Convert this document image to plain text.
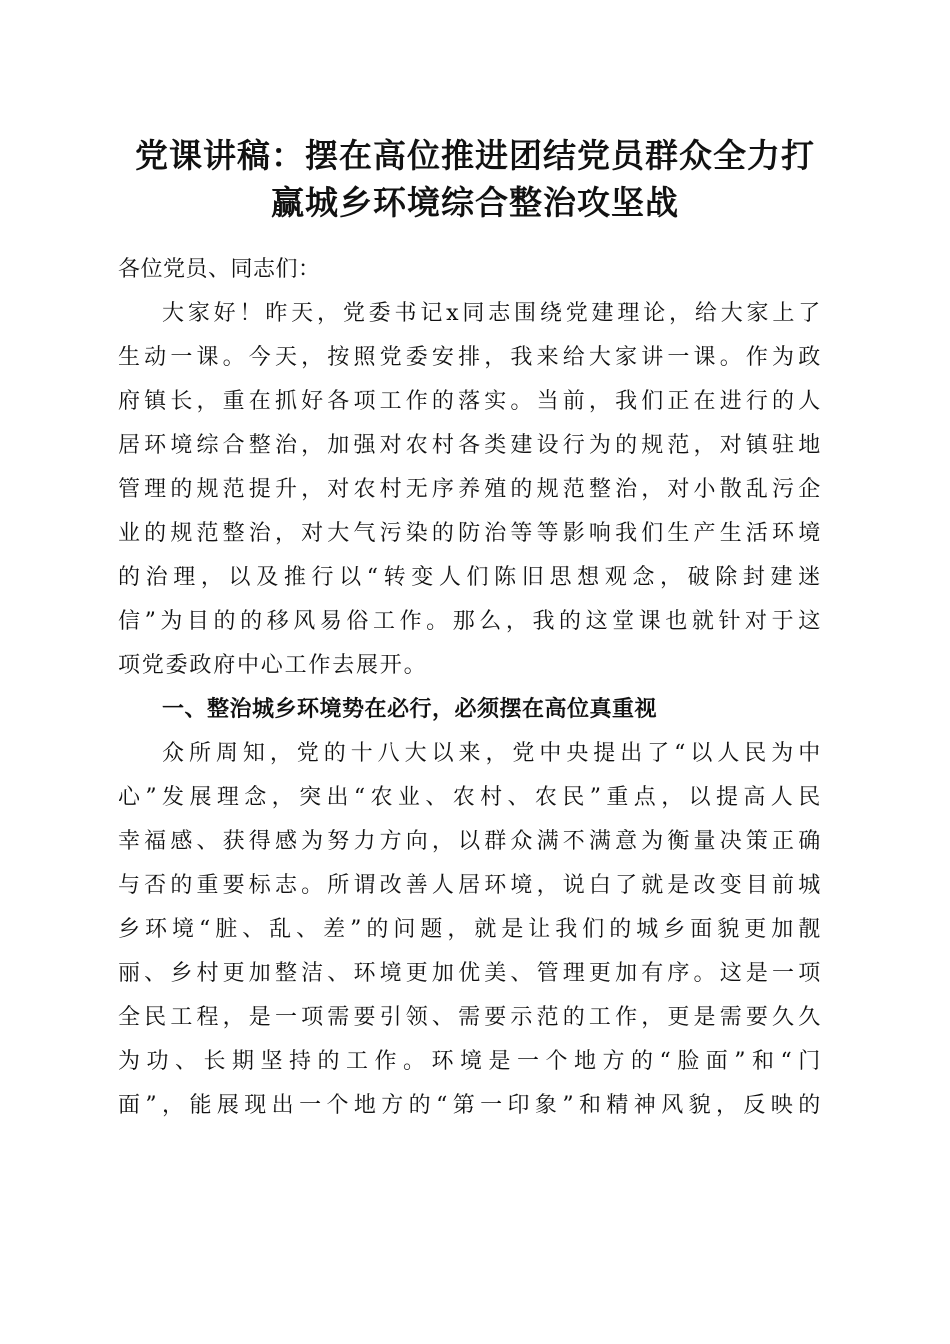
党课讲稿：摆在高位推进团结党员群众全力打
赢城乡环境综合整治攻坚战

各位党员、同志们：

大家好！昨天，党委书记x同志围绕党建理论，给大家上了
生动一课。今天，按照党委安排，我来给大家讲一课。作为政
府镇长，重在抓好各项工作的落实。当前，我们正在进行的人
居环境综合整治，加强对农村各类建设行为的规范，对镇驻地
管理的规范提升，对农村无序养殖的规范整治，对小散乱污企
业的规范整治，对大气污染的防治等等影响我们生产生活环境
的治理，以及推行以“转变人们陈旧思想观念，破除封建迷
信”为目的的移风易俗工作。那么，我的这堂课也就针对于这
项党委政府中心工作去展开。

一、整治城乡环境势在必行，必须摆在高位真重视

众所周知，党的十八大以来，党中央提出了“以人民为中
心”发展理念，突出“农业、农村、农民”重点，以提高人民
幸福感、获得感为努力方向，以群众满不满意为衡量决策正确
与否的重要标志。所谓改善人居环境，说白了就是改变目前城
乡环境“脏、乱、差”的问题，就是让我们的城乡面貌更加靓
丽、乡村更加整洁、环境更加优美、管理更加有序。这是一项
全民工程，是一项需要引领、需要示范的工作，更是需要久久
为功、长期坚持的工作。环境是一个地方的“脸面”和“门
面”，能展现出一个地方的“第一印象”和精神风貌，反映的
